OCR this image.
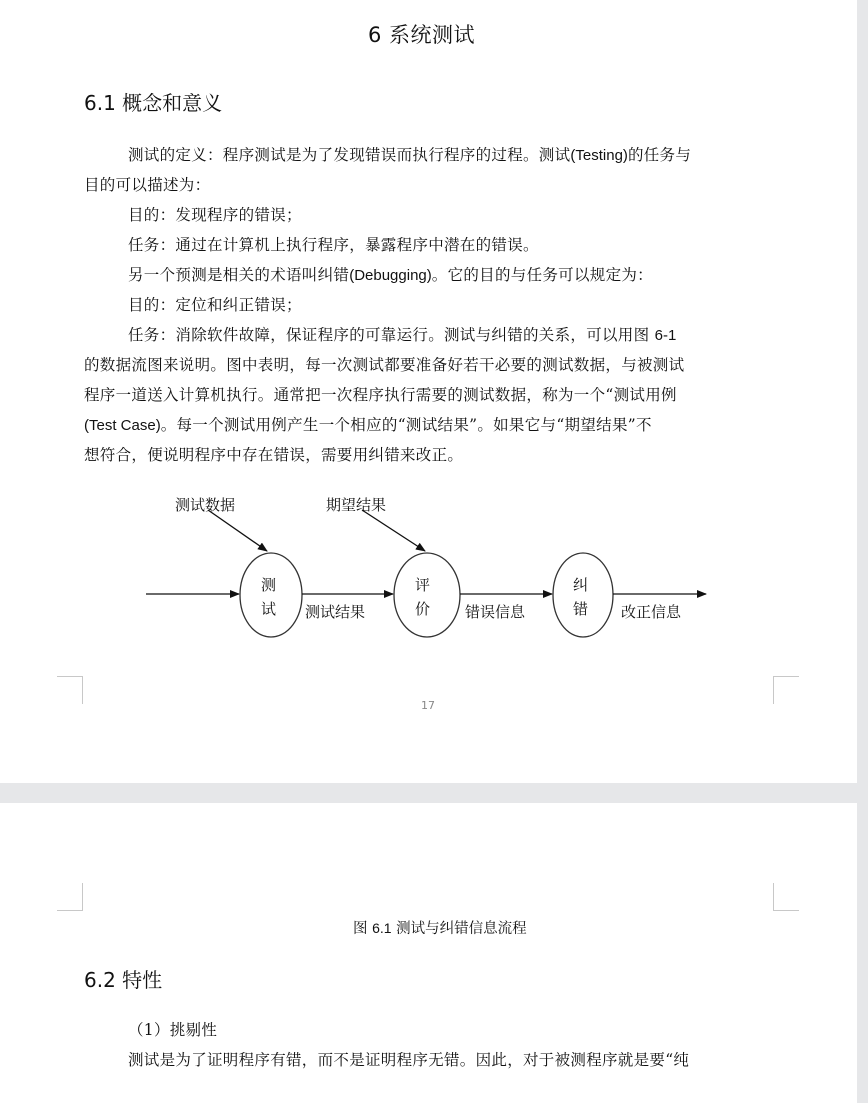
6 系统测试
6.1 概念和意义
测试的定义：程序测试是为了发现错误而执行程序的过程。测试(Testing)的任务与
目的可以描述为：
目的：发现程序的错误；
任务：通过在计算机上执行程序，暴露程序中潜在的错误。
另一个预测是相关的术语叫纠错(Debugging)。它的目的与任务可以规定为：
目的：定位和纠正错误；
任务：消除软件故障，保证程序的可靠运行。测试与纠错的关系，可以用图 6-1
的数据流图来说明。图中表明，每一次测试都要准备好若干必要的测试数据，与被测试
程序一道送入计算机执行。通常把一次程序执行需要的测试数据，称为一个“测试用例
(Test Case)。每一个测试用例产生一个相应的“测试结果”。如果它与“期望结果”不
想符合，便说明程序中存在错误，需要用纠错来改正。
测试数据	期望结果
测
试
评
价
纠
错
测试结果	错误信息	改正信息
17
图 6.1 测试与纠错信息流程
6.2 特性
（1）挑剔性
测试是为了证明程序有错，而不是证明程序无错。因此，对于被测程序就是要“纯
